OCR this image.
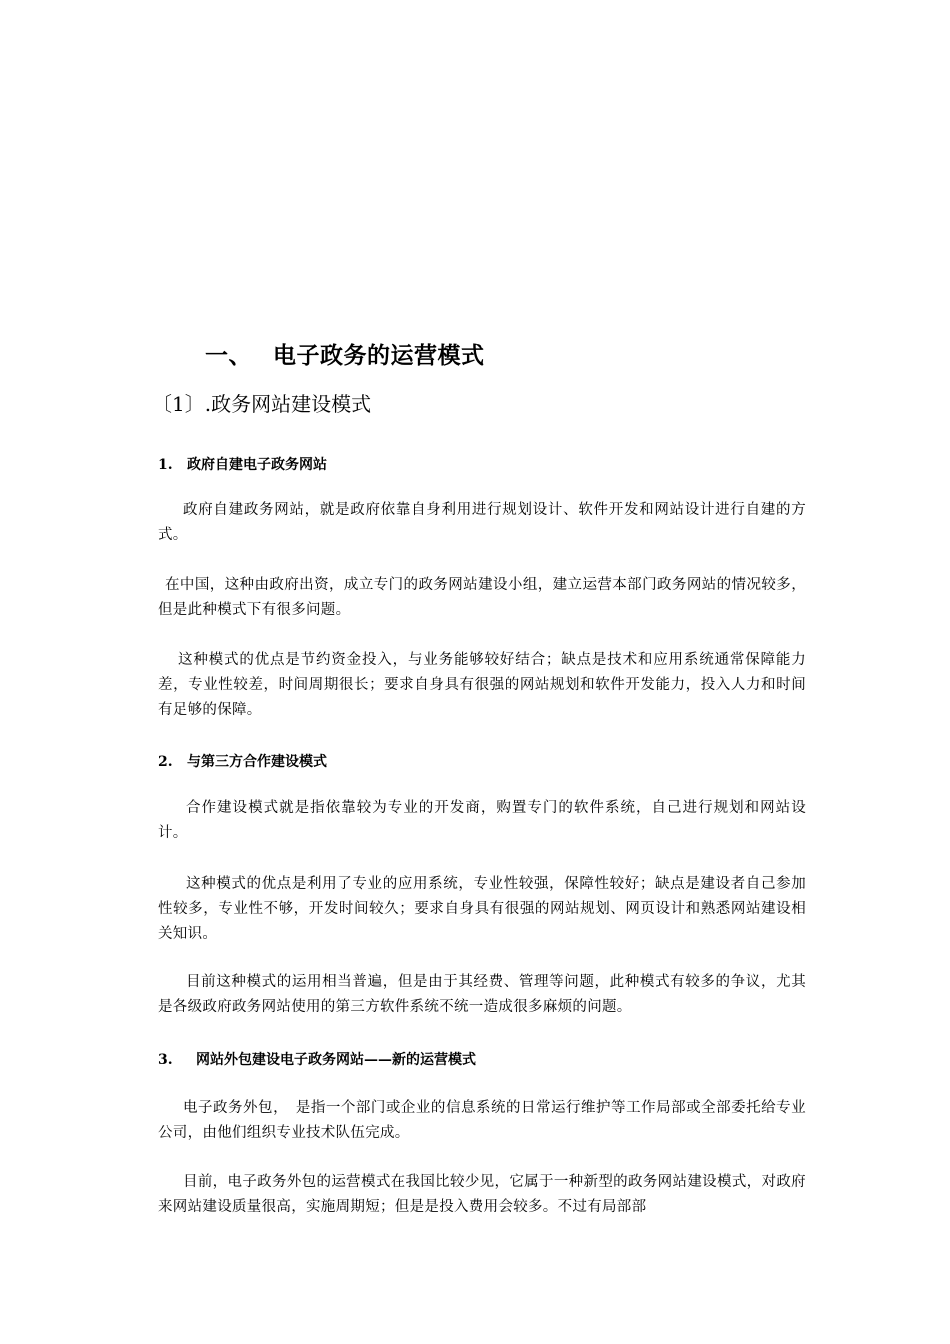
一、 电子政务的运营模式
〔1〕.政务网站建设模式
1. 政府自建电子政务网站
政府自建政务网站，就是政府依靠自身利用进行规划设计、软件开发和网站设计进行自建的方式。
在中国，这种由政府出资，成立专门的政务网站建设小组，建立运营本部门政务网站的情况较多，但是此种模式下有很多问题。
这种模式的优点是节约资金投入，与业务能够较好结合；缺点是技术和应用系统通常保障能力差，专业性较差，时间周期很长；要求自身具有很强的网站规划和软件开发能力，投入人力和时间有足够的保障。
2. 与第三方合作建设模式
合作建设模式就是指依靠较为专业的开发商，购置专门的软件系统，自己进行规划和网站设计。
这种模式的优点是利用了专业的应用系统，专业性较强，保障性较好；缺点是建设者自己参加性较多，专业性不够，开发时间较久；要求自身具有很强的网站规划、网页设计和熟悉网站建设相关知识。
目前这种模式的运用相当普遍，但是由于其经费、管理等问题，此种模式有较多的争议，尤其是各级政府政务网站使用的第三方软件系统不统一造成很多麻烦的问题。
3. 网站外包建设电子政务网站——新的运营模式
电子政务外包，　是指一个部门或企业的信息系统的日常运行维护等工作局部或全部委托给专业公司，由他们组织专业技术队伍完成。
目前，电子政务外包的运营模式在我国比较少见，它属于一种新型的政务网站建设模式，对政府来网站建设质量很高，实施周期短；但是是投入费用会较多。不过有局部部
